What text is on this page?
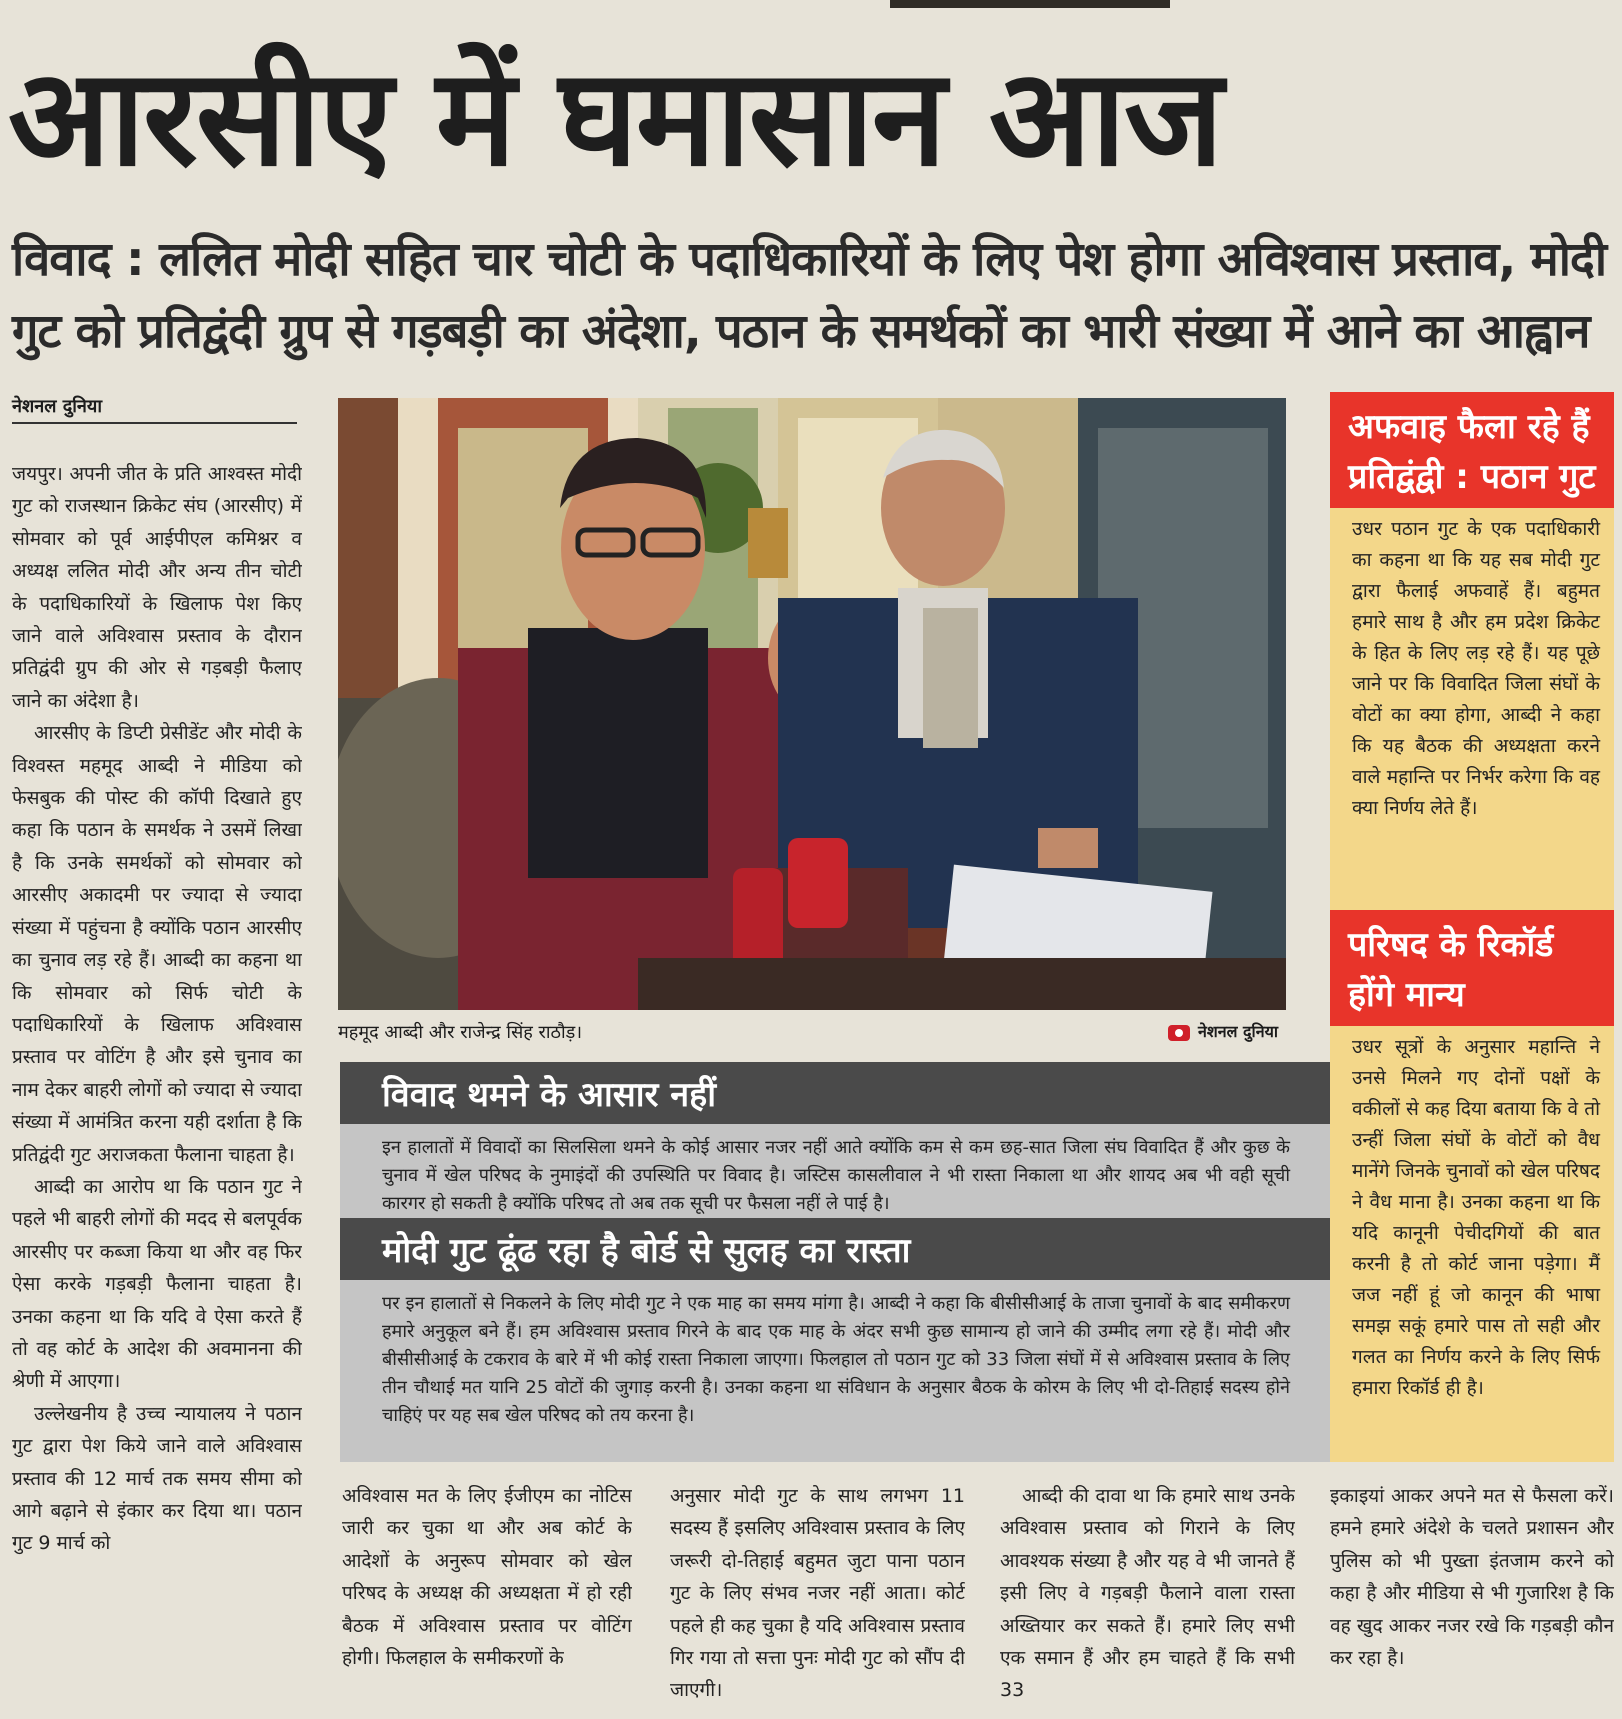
आरसीए में घमासान आज
विवाद : ललित मोदी सहित चार चोटी के पदाधिकारियों के लिए पेश होगा अविश्वास प्रस्ताव, मोदी गुट को प्रतिद्वंदी ग्रुप से गड़बड़ी का अंदेशा, पठान के समर्थकों का भारी संख्या में आने का आह्वान
नेशनल दुनिया

जयपुर। अपनी जीत के प्रति आश्वस्त मोदी गुट को राजस्थान क्रिकेट संघ (आरसीए) में सोमवार को पूर्व आईपीएल कमिश्नर व अध्यक्ष ललित मोदी और अन्य तीन चोटी के पदाधिकारियों के खिलाफ पेश किए जाने वाले अविश्वास प्रस्ताव के दौरान प्रतिद्वंदी ग्रुप की ओर से गड़बड़ी फैलाए जाने का अंदेशा है।

आरसीए के डिप्टी प्रेसीडेंट और मोदी के विश्वस्त महमूद आब्दी ने मीडिया को फेसबुक की पोस्ट की कॉपी दिखाते हुए कहा कि पठान के समर्थक ने उसमें लिखा है कि उनके समर्थकों को सोमवार को आरसीए अकादमी पर ज्यादा से ज्यादा संख्या में पहुंचना है क्योंकि पठान आरसीए का चुनाव लड़ रहे हैं। आब्दी का कहना था कि सोमवार को सिर्फ चोटी के पदाधिकारियों के खिलाफ अविश्वास प्रस्ताव पर वोटिंग है और इसे चुनाव का नाम देकर बाहरी लोगों को ज्यादा से ज्यादा संख्या में आमंत्रित करना यही दर्शाता है कि प्रतिद्वंदी गुट अराजकता फैलाना चाहता है।

आब्दी का आरोप था कि पठान गुट ने पहले भी बाहरी लोगों की मदद से बलपूर्वक आरसीए पर कब्जा किया था और वह फिर ऐसा करके गड़बड़ी फैलाना चाहता है। उनका कहना था कि यदि वे ऐसा करते हैं तो वह कोर्ट के आदेश की अवमानना की श्रेणी में आएगा।

उल्लेखनीय है उच्च न्यायालय ने पठान गुट द्वारा पेश किये जाने वाले अविश्वास प्रस्ताव की 12 मार्च तक समय सीमा को आगे बढ़ाने से इंकार कर दिया था। पठान गुट 9 मार्च को

महमूद आब्दी और राजेन्द्र सिंह राठौड़।	नेशनल दुनिया
विवाद थमने के आसार नहीं
इन हालातों में विवादों का सिलसिला थमने के कोई आसार नजर नहीं आते क्योंकि कम से कम छह-सात जिला संघ विवादित हैं और कुछ के चुनाव में खेल परिषद के नुमाइंदों की उपस्थिति पर विवाद है। जस्टिस कासलीवाल ने भी रास्ता निकाला था और शायद अब भी वही सूची कारगर हो सकती है क्योंकि परिषद तो अब तक सूची पर फैसला नहीं ले पाई है।
मोदी गुट ढूंढ रहा है बोर्ड से सुलह का रास्ता
पर इन हालातों से निकलने के लिए मोदी गुट ने एक माह का समय मांगा है। आब्दी ने कहा कि बीसीसीआई के ताजा चुनावों के बाद समीकरण हमारे अनुकूल बने हैं। हम अविश्वास प्रस्ताव गिरने के बाद एक माह के अंदर सभी कुछ सामान्य हो जाने की उम्मीद लगा रहे हैं। मोदी और बीसीसीआई के टकराव के बारे में भी कोई रास्ता निकाला जाएगा। फिलहाल तो पठान गुट को 33 जिला संघों में से अविश्वास प्रस्ताव के लिए तीन चौथाई मत यानि 25 वोटों की जुगाड़ करनी है। उनका कहना था संविधान के अनुसार बैठक के कोरम के लिए भी दो-तिहाई सदस्य होने चाहिएं पर यह सब खेल परिषद को तय करना है।
अफवाह फैला रहे हैं प्रतिद्वंद्वी : पठान गुट
उधर पठान गुट के एक पदाधिकारी का कहना था कि यह सब मोदी गुट द्वारा फैलाई अफवाहें हैं। बहुमत हमारे साथ है और हम प्रदेश क्रिकेट के हित के लिए लड़ रहे हैं। यह पूछे जाने पर कि विवादित जिला संघों के वोटों का क्या होगा, आब्दी ने कहा कि यह बैठक की अध्यक्षता करने वाले महान्ति पर निर्भर करेगा कि वह क्या निर्णय लेते हैं।
परिषद के रिकॉर्ड होंगे मान्य
उधर सूत्रों के अनुसार महान्ति ने उनसे मिलने गए दोनों पक्षों के वकीलों से कह दिया बताया कि वे तो उन्हीं जिला संघों के वोटों को वैध मानेंगे जिनके चुनावों को खेल परिषद ने वैध माना है। उनका कहना था कि यदि कानूनी पेचीदगियों की बात करनी है तो कोर्ट जाना पड़ेगा। मैं जज नहीं हूं जो कानून की भाषा समझ सकूं हमारे पास तो सही और गलत का निर्णय करने के लिए सिर्फ हमारा रिकॉर्ड ही है।

अविश्वास मत के लिए ईजीएम का नोटिस जारी कर चुका था और अब कोर्ट के आदेशों के अनुरूप सोमवार को खेल परिषद के अध्यक्ष की अध्यक्षता में हो रही बैठक में अविश्वास प्रस्ताव पर वोटिंग होगी। फिलहाल के समीकरणों के

अनुसार मोदी गुट के साथ लगभग 11 सदस्य हैं इसलिए अविश्वास प्रस्ताव के लिए जरूरी दो-तिहाई बहुमत जुटा पाना पठान गुट के लिए संभव नजर नहीं आता। कोर्ट पहले ही कह चुका है यदि अविश्वास प्रस्ताव गिर गया तो सत्ता पुनः मोदी गुट को सौंप दी जाएगी।

आब्दी की दावा था कि हमारे साथ उनके अविश्वास प्रस्ताव को गिराने के लिए आवश्यक संख्या है और यह वे भी जानते हैं इसी लिए वे गड़बड़ी फैलाने वाला रास्ता अख्तियार कर सकते हैं। हमारे लिए सभी एक समान हैं और हम चाहते हैं कि सभी 33

इकाइयां आकर अपने मत से फैसला करें। हमने हमारे अंदेशे के चलते प्रशासन और पुलिस को भी पुख्ता इंतजाम करने को कहा है और मीडिया से भी गुजारिश है कि वह खुद आकर नजर रखे कि गड़बड़ी कौन कर रहा है।
